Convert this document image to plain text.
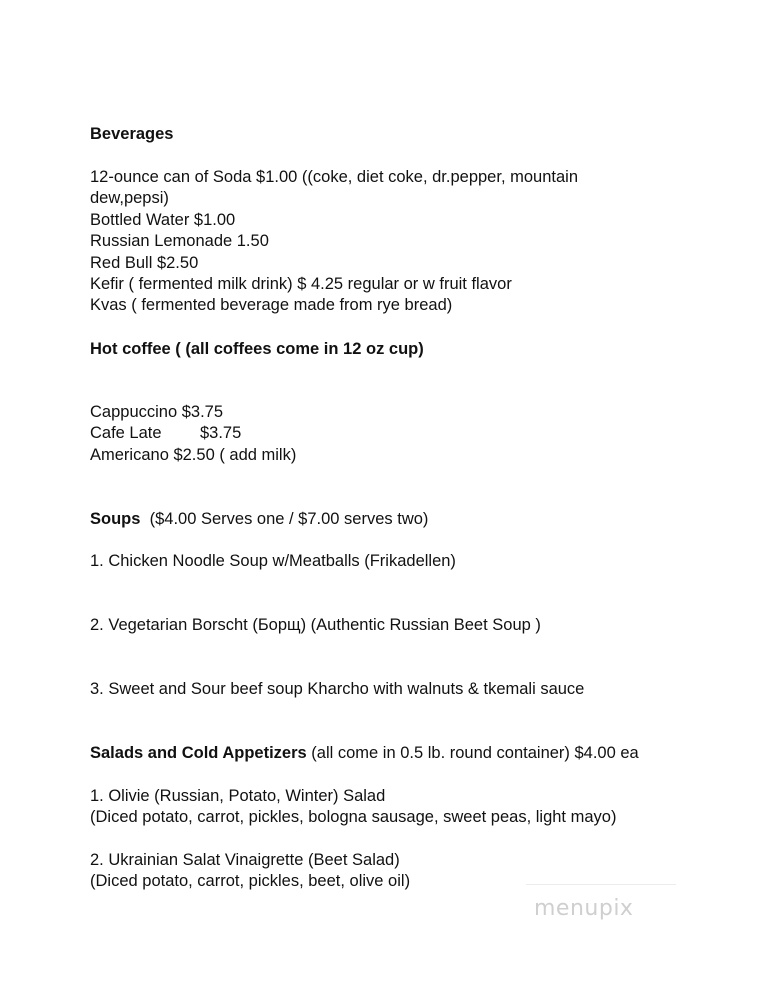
Beverages

12-ounce can of Soda $1.00 ((coke, diet coke, dr.pepper, mountain

dew,pepsi)

Bottled Water $1.00

Russian Lemonade 1.50

Red Bull $2.50

Kefir ( fermented milk drink) $ 4.25 regular or w fruit flavor

Kvas ( fermented beverage made from rye bread)

Hot coffee ( (all coffees come in 12 oz cup)

Cappuccino $3.75

Cafe Late $3.75

Americano $2.50 ( add milk)

Soups ($4.00 Serves one / $7.00 serves two)

1. Chicken Noodle Soup w/Meatballs (Frikadellen)

2. Vegetarian Borscht (Борщ) (Authentic Russian Beet Soup )

3. Sweet and Sour beef soup Kharcho with walnuts & tkemali sauce

Salads and Cold Appetizers (all come in 0.5 lb. round container) $4.00 ea

1. Olivie (Russian, Potato, Winter) Salad

(Diced potato, carrot, pickles, bologna sausage, sweet peas, light mayo)

2. Ukrainian Salat Vinaigrette (Beet Salad)

(Diced potato, carrot, pickles, beet, olive oil)

menupix
